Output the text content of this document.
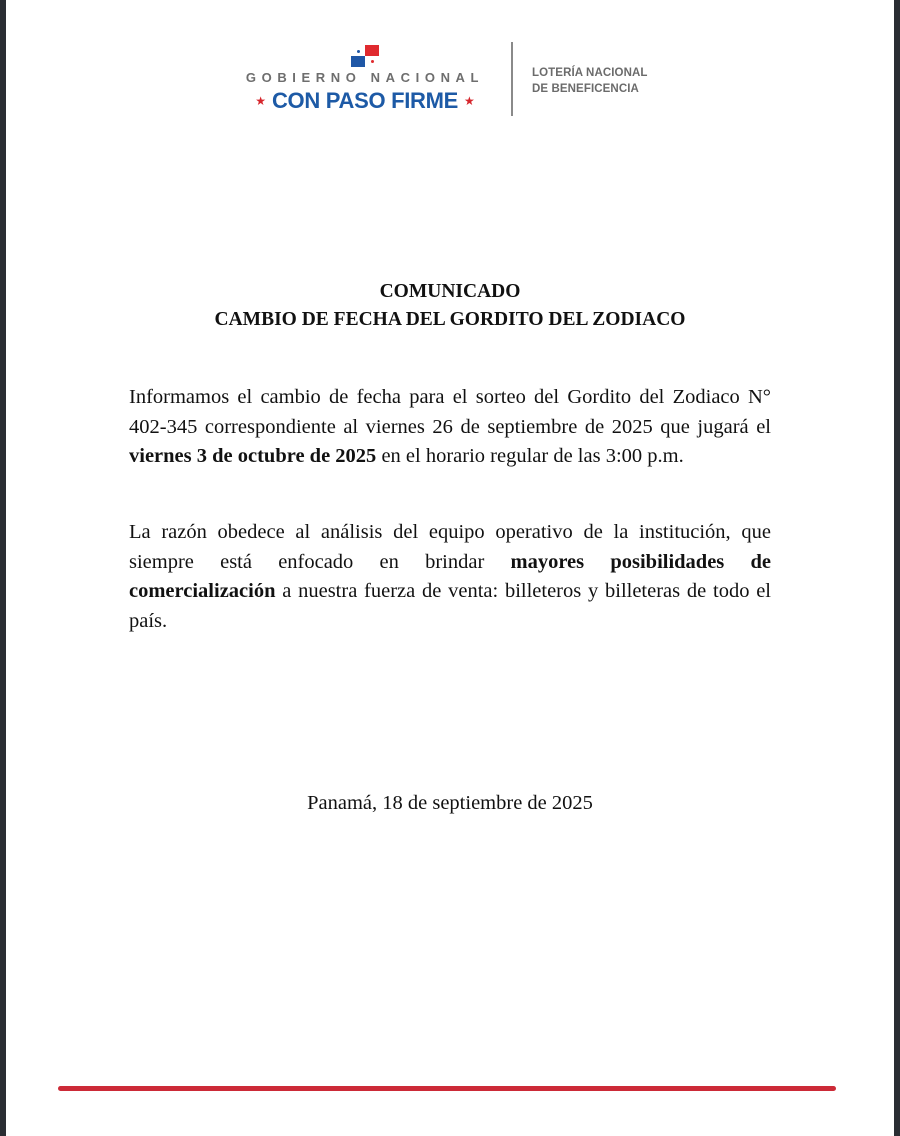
GOBIERNO NACIONAL
★ CON PASO FIRME ★
LOTERÍA NACIONAL
DE BENEFICENCIA
COMUNICADO
CAMBIO DE FECHA DEL GORDITO DEL ZODIACO

Informamos el cambio de fecha para el sorteo del Gordito del Zodiaco N° 402-345 correspondiente al viernes 26 de septiembre de 2025 que jugará el viernes 3 de octubre de 2025 en el horario regular de las 3:00 p.m.

La razón obedece al análisis del equipo operativo de la institución, que siempre está enfocado en brindar mayores posibilidades de comercialización a nuestra fuerza de venta: billeteros y billeteras de todo el país.

Panamá, 18 de septiembre de 2025
